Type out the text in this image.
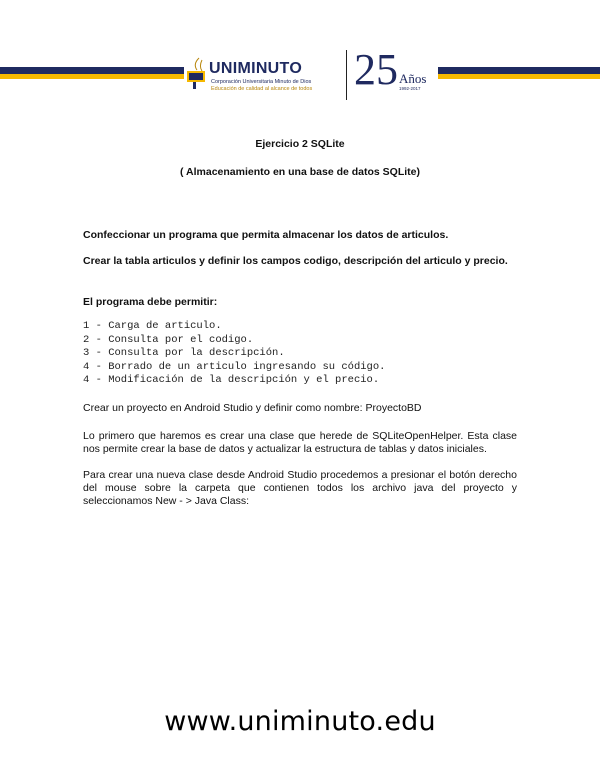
UNIMINUTO
Corporación Universitaria Minuto de Dios
Educación de calidad al alcance de todos 25 Años
1992-2017
Ejercicio 2 SQLite
( Almacenamiento en una base de datos SQLite)
Confeccionar un programa que permita almacenar los datos de articulos.
Crear la tabla articulos y definir los campos codigo, descripción del articulo y precio.
El programa debe permitir:
1 - Carga de articulo.
2 - Consulta por el codigo.
3 - Consulta por la descripción.
4 - Borrado de un articulo ingresando su código.
4 - Modificación de la descripción y el precio.
Crear un proyecto en Android Studio y definir como nombre: ProyectoBD
Lo primero que haremos es crear una clase que herede de SQLiteOpenHelper. Esta clase nos permite crear la base de datos y actualizar la estructura de tablas y datos iniciales.
Para crear una nueva clase desde Android Studio procedemos a presionar el botón derecho del mouse sobre la carpeta que contienen todos los archivo java del proyecto y seleccionamos New - > Java Class:
www.uniminuto.edu
